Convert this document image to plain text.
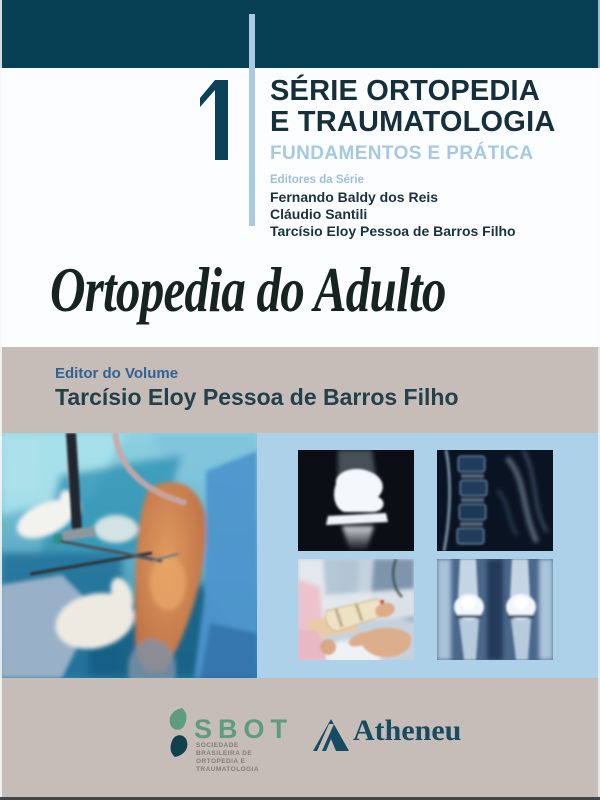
SÉRIE ORTOPEDIA
E TRAUMATOLOGIA
FUNDAMENTOS E PRÁTICA
Editores da Série
Fernando Baldy dos Reis
Cláudio Santili
Tarcísio Eloy Pessoa de Barros Filho
Ortopedia do Adulto
Editor do Volume
Tarcísio Eloy Pessoa de Barros Filho
SBOT
SOCIEDADE BRASILEIRA DE
ORTOPEDIA E TRAUMATOLOGIA
Atheneu
